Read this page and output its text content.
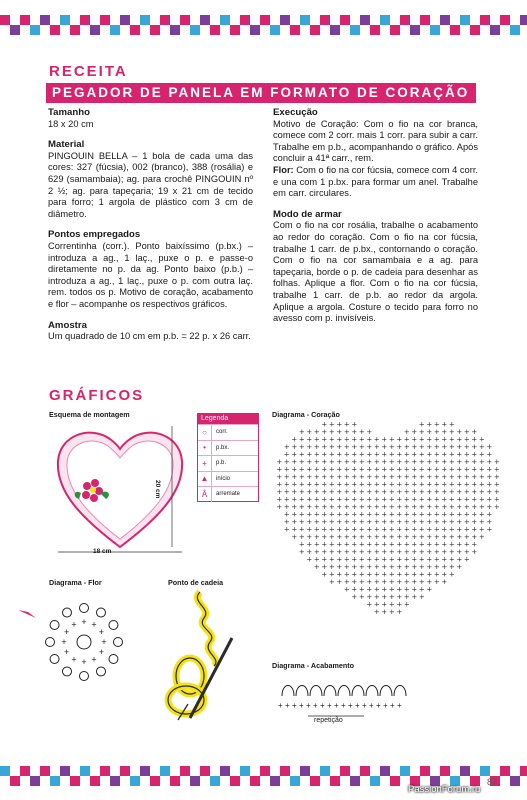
RECEITA
PEGADOR DE PANELA EM FORMATO DE CORAÇÃO
Tamanho

18 x 20 cm

Material

PINGOUIN BELLA – 1 bola de cada uma das cores: 327 (fúcsia), 002 (branco), 388 (rosália) e 629 (samambaia); ag. para crochê PINGOUIN nº 2 ½; ag. para tapeçaria; 19 x 21 cm de tecido para forro; 1 argola de plástico com 3 cm de diâmetro.

Pontos empregados

Correntinha (corr.). Ponto baixíssimo (p.bx.) – introduza a ag., 1 laç., puxe o p. e passe-o diretamente no p. da ag. Ponto baixo (p.b.) – introduza a ag., 1 laç., puxe o p. com outra laç. rem. todos os p. Motivo de coração, acabamento e flor – acompanhe os respectivos gráficos.

Amostra

Um quadrado de 10 cm em p.b. = 22 p. x 26 carr.

Execução

Motivo de Coração: Com o fio na cor branca, comece com 2 corr. mais 1 corr. para subir a carr. Trabalhe em p.b., acompanhando o gráfico. Após concluir a 41ª carr., rem.

Flor: Com o fio na cor fúcsia, comece com 4 corr. e una com 1 p.bx. para formar um anel. Trabalhe em carr. circulares.

Modo de armar

Com o fio na cor rosália, trabalhe o acabamento ao redor do coração. Com o fio na cor fúcsia, trabalhe 1 carr. de p.bx., contornando o coração. Com o fio na cor samambaia e a ag. para tapeçaria, borde o p. de cadeia para desenhar as folhas. Aplique a flor. Com o fio na cor fúcsia, trabalhe 1 carr. de p.b. ao redor da argola. Aplique a argola. Costure o tecido para forro no avesso com p. invisíveis.

GRÁFICOS
Esquema de montagem
20 cm
18 cm
Legenda
○	corr.
•	p.bx.
+	p.b.
▲	início
Â	arremate
Diagrama - Coração
+ + + + +	+ + + + +
+ + + + + + + + + +	+ + + + + + + + + +
+ + + + + + + + + + + + + + + + + + + + + + + + + +
+ + + + + + + + + + + + + + + + + + + + + + + + + + + +
+ + + + + + + + + + + + + + + + + + + + + + + + + + + +
+ + + + + + + + + + + + + + + + + + + + + + + + + + + + + +
+ + + + + + + + + + + + + + + + + + + + + + + + + + + + + +
+ + + + + + + + + + + + + + + + + + + + + + + + + + + + + +
+ + + + + + + + + + + + + + + + + + + + + + + + + + + + + +
+ + + + + + + + + + + + + + + + + + + + + + + + + + + + + +
+ + + + + + + + + + + + + + + + + + + + + + + + + + + + + +
+ + + + + + + + + + + + + + + + + + + + + + + + + + + + + +
+ + + + + + + + + + + + + + + + + + + + + + + + + + + +
+ + + + + + + + + + + + + + + + + + + + + + + + + + + +
+ + + + + + + + + + + + + + + + + + + + + + + + + + + +
+ + + + + + + + + + + + + + + + + + + + + + + + + +
+ + + + + + + + + + + + + + + + + + + + + + + +
+ + + + + + + + + + + + + + + + + + + + + + + +
+ + + + + + + + + + + + + + + + + + + + + +
+ + + + + + + + + + + + + + + + + + + +
+ + + + + + + + + + + + + + + + + +
+ + + + + + + + + + + + + + + +
+ + + + + + + + + + + +
+ + + + + + + + + +
+ + + + + +
+ + + +
Diagrama - Flor
+
+
+
+
+
+
+
+
+ + +
+
Ponto de cadeia
Diagrama - Acabamento
+ + + + + + + + + + + + + + + + + +
repetição
87
PassionForum.ru
